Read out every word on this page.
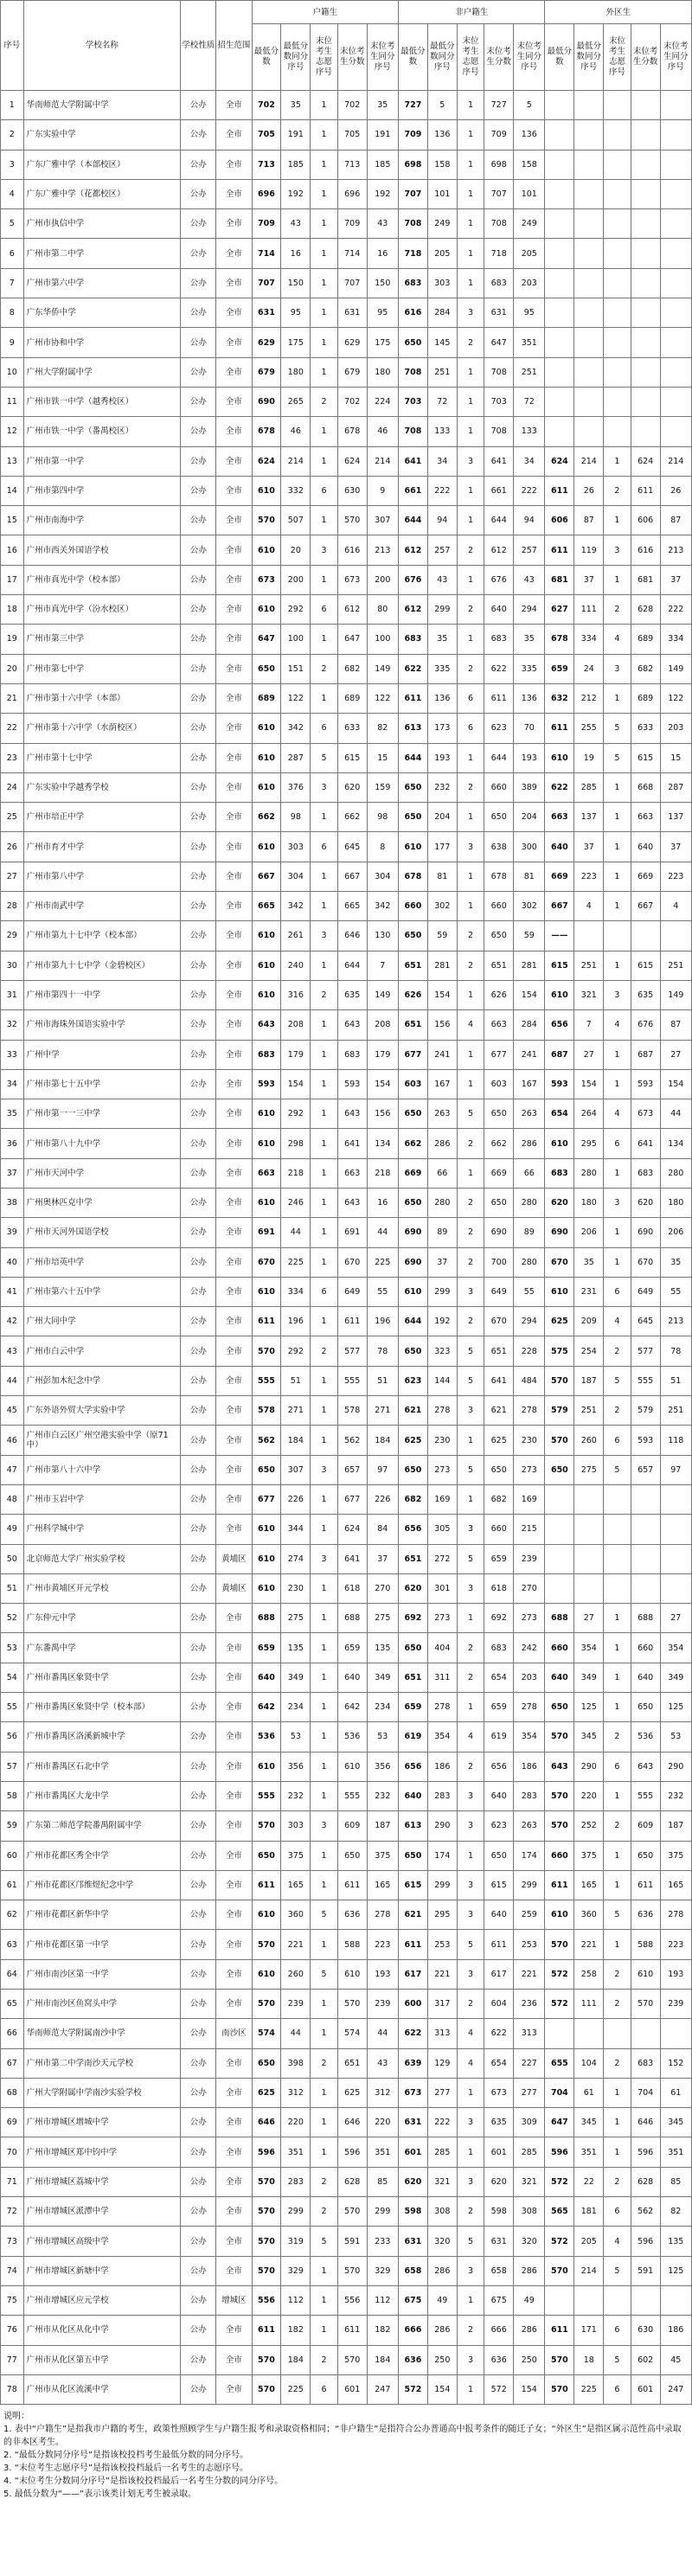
序号	学校名称	学校性质	招生范围	户籍生					非户籍生					外区生				
				最低分数	最低分数同分序号	末位考生志愿序号	末位考生分数	末位考生同分序号	最低分数	最低分数同分序号	末位考生志愿序号	末位考生分数	末位考生同分序号	最低分数	最低分数同分序号	末位考生志愿序号	末位考生分数	末位考生同分序号
1	华南师范大学附属中学	公办	全市	702	35	1	702	35	727	5	1	727	5					
2	广东实验中学	公办	全市	705	191	1	705	191	709	136	1	709	136					
3	广东广雅中学（本部校区）	公办	全市	713	185	1	713	185	698	158	1	698	158					
4	广东广雅中学（花都校区）	公办	全市	696	192	1	696	192	707	101	1	707	101					
5	广州市执信中学	公办	全市	709	43	1	709	43	708	249	1	708	249					
6	广州市第二中学	公办	全市	714	16	1	714	16	718	205	1	718	205					
7	广州市第六中学	公办	全市	707	150	1	707	150	683	303	1	683	203					
8	广东华侨中学	公办	全市	631	95	1	631	95	616	284	3	631	95					
9	广州市协和中学	公办	全市	629	175	1	629	175	650	145	2	647	351					
10	广州大学附属中学	公办	全市	679	180	1	679	180	708	251	1	708	251					
11	广州市铁一中学（越秀校区）	公办	全市	690	265	2	702	224	703	72	1	703	72					
12	广州市铁一中学（番禺校区）	公办	全市	678	46	1	678	46	708	133	1	708	133					
13	广州市第一中学	公办	全市	624	214	1	624	214	641	34	3	641	34	624	214	1	624	214
14	广州市第四中学	公办	全市	610	332	6	630	9	661	222	1	661	222	611	26	2	611	26
15	广州市南海中学	公办	全市	570	507	1	570	307	644	94	1	644	94	606	87	1	606	87
16	广州市西关外国语学校	公办	全市	610	20	3	616	213	612	257	2	612	257	611	119	3	616	213
17	广州市真光中学（校本部）	公办	全市	673	200	1	673	200	676	43	1	676	43	681	37	1	681	37
18	广州市真光中学（汾水校区）	公办	全市	610	292	6	612	80	612	299	2	640	294	627	111	2	628	222
19	广州市第三中学	公办	全市	647	100	1	647	100	683	35	1	683	35	678	334	4	689	334
20	广州市第七中学	公办	全市	650	151	2	682	149	622	335	2	622	335	659	24	3	682	149
21	广州市第十六中学（本部）	公办	全市	689	122	1	689	122	611	136	6	611	136	632	212	1	689	122
22	广州市第十六中学（水荫校区）	公办	全市	610	342	6	633	82	613	173	6	623	70	611	255	5	633	203
23	广州市第十七中学	公办	全市	610	287	5	615	15	644	193	1	644	193	610	19	5	615	15
24	广东实验中学越秀学校	公办	全市	610	376	3	620	159	650	232	2	660	389	622	285	1	668	287
25	广州市培正中学	公办	全市	662	98	1	662	98	650	204	1	650	204	663	137	1	663	137
26	广州市育才中学	公办	全市	610	303	6	645	8	610	177	3	638	300	640	37	1	640	37
27	广州市第八中学	公办	全市	667	304	1	667	304	678	81	1	678	81	669	223	1	669	223
28	广州市南武中学	公办	全市	665	342	1	665	342	660	302	1	660	302	667	4	1	667	4
29	广州市第九十七中学（校本部）	公办	全市	610	261	3	646	130	650	59	2	650	59	——				
30	广州市第九十七中学（金碧校区）	公办	全市	610	240	1	644	7	651	281	2	651	281	615	251	1	615	251
31	广州市第四十一中学	公办	全市	610	316	2	635	149	626	154	1	626	154	610	321	3	635	149
32	广州市海珠外国语实验中学	公办	全市	643	208	1	643	208	651	156	4	663	284	656	7	4	676	87
33	广州中学	公办	全市	683	179	1	683	179	677	241	1	677	241	687	27	1	687	27
34	广州市第七十五中学	公办	全市	593	154	1	593	154	603	167	1	603	167	593	154	1	593	154
35	广州市第一一三中学	公办	全市	610	292	1	643	156	650	263	5	650	263	654	264	4	673	44
36	广州市第八十九中学	公办	全市	610	298	1	641	134	662	286	2	662	286	610	295	6	641	134
37	广州市天河中学	公办	全市	663	218	1	663	218	669	66	1	669	66	683	280	1	683	280
38	广州奥林匹克中学	公办	全市	610	246	1	643	16	650	280	2	650	280	620	180	3	620	180
39	广州市天河外国语学校	公办	全市	691	44	1	691	44	690	89	2	690	89	690	206	1	690	206
40	广州市培英中学	公办	全市	670	225	1	670	225	690	37	2	700	280	670	35	1	670	35
41	广州市第六十五中学	公办	全市	610	334	6	649	55	610	299	3	649	55	610	231	6	649	55
42	广州大同中学	公办	全市	611	196	1	611	196	644	192	2	670	294	625	209	4	645	213
43	广州市白云中学	公办	全市	570	292	2	577	78	650	323	5	651	228	575	254	2	577	78
44	广州彭加木纪念中学	公办	全市	555	51	1	555	51	623	144	5	641	484	570	187	5	555	51
45	广东外语外贸大学实验中学	公办	全市	578	271	1	578	271	621	278	3	621	278	579	251	2	579	251
46	广州市白云区广州空港实验中学（原71中）	公办	全市	562	184	1	562	184	625	230	1	625	230	570	260	6	593	118
47	广州市第八十六中学	公办	全市	650	307	3	657	97	650	273	5	650	273	650	275	5	657	97
48	广州市玉岩中学	公办	全市	677	226	1	677	226	682	169	1	682	169					
49	广州科学城中学	公办	全市	610	344	1	624	84	656	305	3	660	215					
50	北京师范大学广州实验学校	公办	黄埔区	610	274	3	641	37	651	272	5	659	239					
51	广州市黄埔区开元学校	公办	黄埔区	610	230	1	618	270	620	301	3	618	270					
52	广东仲元中学	公办	全市	688	275	1	688	275	692	273	1	692	273	688	27	1	688	27
53	广东番禺中学	公办	全市	659	135	1	659	135	650	404	2	683	242	660	354	1	660	354
54	广州市番禺区象贤中学	公办	全市	640	349	1	640	349	651	311	2	654	203	640	349	1	640	349
55	广州市番禺区象贤中学（校本部）	公办	全市	642	234	1	642	234	659	278	1	659	278	650	125	1	650	125
56	广州市番禺区洛溪新城中学	公办	全市	536	53	1	536	53	619	354	4	619	354	570	345	2	536	53
57	广州市番禺区石北中学	公办	全市	610	356	1	610	356	656	186	2	656	186	643	290	6	643	290
58	广州市番禺区大龙中学	公办	全市	555	232	1	555	232	640	283	3	640	283	570	220	1	555	232
59	广东第二师范学院番禺附属中学	公办	全市	570	303	3	609	187	613	290	3	623	263	570	252	2	609	187
60	广州市花都区秀全中学	公办	全市	650	375	1	650	375	650	174	1	650	174	660	375	1	650	375
61	广州市花都区邝维煜纪念中学	公办	全市	611	165	1	611	165	615	299	3	615	299	611	165	1	611	165
62	广州市花都区新华中学	公办	全市	610	360	5	636	278	621	295	3	640	259	610	360	5	636	278
63	广州市花都区第一中学	公办	全市	570	221	1	588	223	611	253	5	611	253	570	221	1	588	223
64	广州市南沙区第一中学	公办	全市	610	260	5	610	193	617	221	3	617	221	572	258	2	610	193
65	广州市南沙区鱼窝头中学	公办	全市	570	239	1	570	239	600	317	2	604	236	572	111	2	570	239
66	华南师范大学附属南沙中学	公办	南沙区	574	44	1	574	44	622	313	4	622	313					
67	广州市第二中学南沙天元学校	公办	全市	650	398	2	651	43	639	129	4	654	227	655	104	2	683	152
68	广州大学附属中学南沙实验学校	公办	全市	625	312	1	625	312	673	277	1	673	277	704	61	1	704	61
69	广州市增城区增城中学	公办	全市	646	220	1	646	220	631	222	3	635	309	647	345	1	646	345
70	广州市增城区郑中钧中学	公办	全市	596	351	1	596	351	601	285	1	601	285	596	351	1	596	351
71	广州市增城区荔城中学	公办	全市	570	283	2	628	85	620	321	3	620	321	572	22	2	628	85
72	广州市增城区派潭中学	公办	全市	570	299	2	570	299	598	308	2	598	308	565	181	6	562	82
73	广州市增城区高级中学	公办	全市	570	319	5	591	233	631	320	5	631	320	572	205	4	596	135
74	广州市增城区新塘中学	公办	全市	570	329	1	570	329	658	286	3	658	286	570	214	5	591	125
75	广州市增城区应元学校	公办	增城区	556	112	1	556	112	675	49	1	675	49					
76	广州市从化区从化中学	公办	全市	611	182	1	611	182	666	286	2	666	286	611	171	6	630	186
77	广州市从化区第五中学	公办	全市	570	184	2	570	184	636	250	3	636	250	570	18	5	602	45
78	广州市从化区流溪中学	公办	全市	570	225	6	601	247	572	154	1	572	154	570	225	6	601	247
说明：
1. 表中“户籍生”是指我市户籍的考生，政策性照顾学生与户籍生报考和录取资格相同；“非户籍生”是指符合公办普通高中报考条件的随迁子女；“外区生”是指区属示范性高中录取的非本区考生。
2. “最低分数同分序号”是指该校投档考生最低分数的同分序号。
3. “末位考生志愿序号”是指该校投档最后一名考生的志愿序号。
4. “末位考生分数同分序号”是指该校投档最后一名考生分数的同分序号。
5. 最低分数为“——”表示该类计划无考生被录取。
